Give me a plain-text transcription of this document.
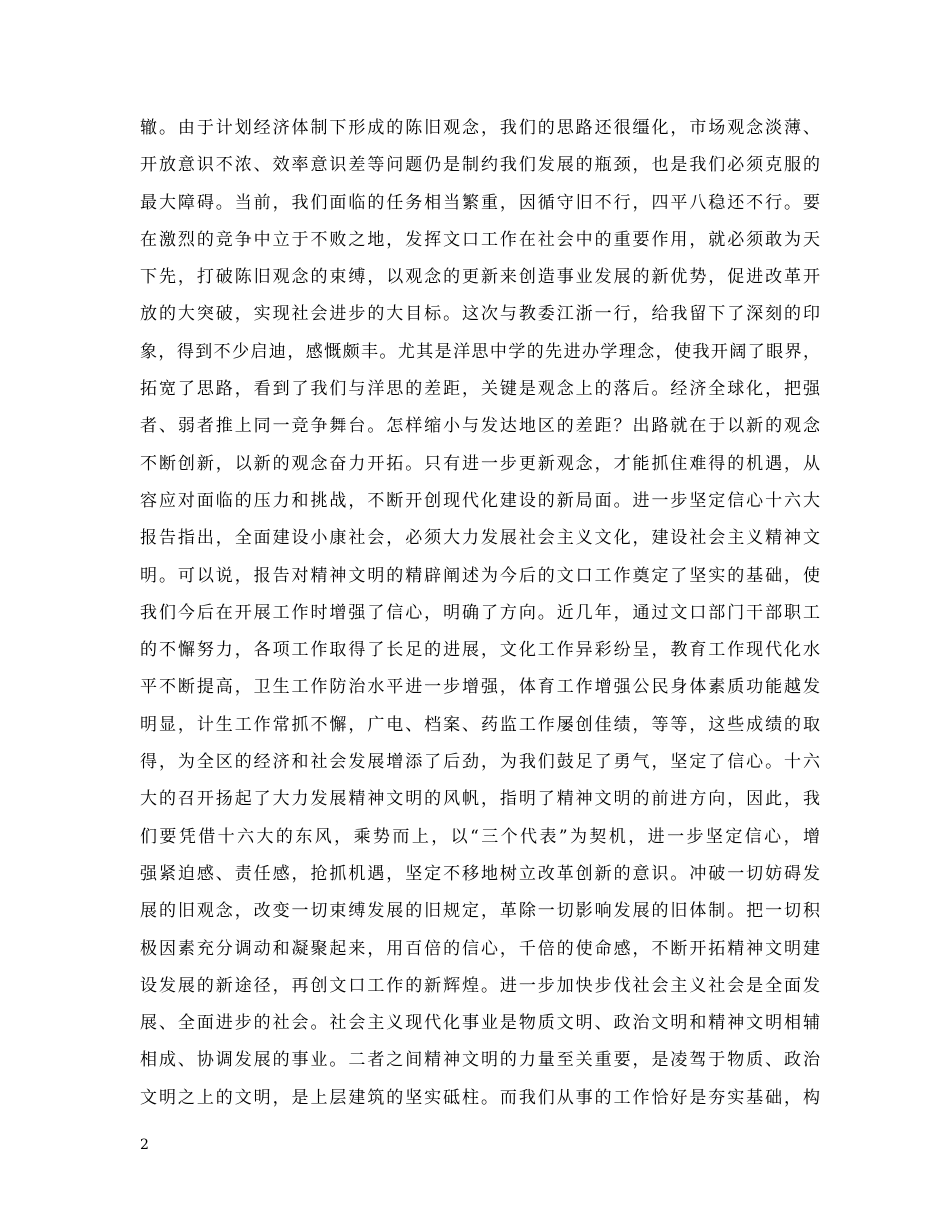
辙。由于计划经济体制下形成的陈旧观念，我们的思路还很缰化，市场观念淡薄、
开放意识不浓、效率意识差等问题仍是制约我们发展的瓶颈，也是我们必须克服的
最大障碍。当前，我们面临的任务相当繁重，因循守旧不行，四平八稳还不行。要
在激烈的竞争中立于不败之地，发挥文口工作在社会中的重要作用，就必须敢为天
下先，打破陈旧观念的束缚，以观念的更新来创造事业发展的新优势，促进改革开
放的大突破，实现社会进步的大目标。这次与教委江浙一行，给我留下了深刻的印
象，得到不少启迪，感慨颇丰。尤其是洋思中学的先进办学理念，使我开阔了眼界，
拓宽了思路，看到了我们与洋思的差距，关键是观念上的落后。经济全球化，把强
者、弱者推上同一竞争舞台。怎样缩小与发达地区的差距？出路就在于以新的观念
不断创新，以新的观念奋力开拓。只有进一步更新观念，才能抓住难得的机遇，从
容应对面临的压力和挑战，不断开创现代化建设的新局面。进一步坚定信心十六大
报告指出，全面建设小康社会，必须大力发展社会主义文化，建设社会主义精神文
明。可以说，报告对精神文明的精辟阐述为今后的文口工作奠定了坚实的基础，使
我们今后在开展工作时增强了信心，明确了方向。近几年，通过文口部门干部职工
的不懈努力，各项工作取得了长足的进展，文化工作异彩纷呈，教育工作现代化水
平不断提高，卫生工作防治水平进一步增强，体育工作增强公民身体素质功能越发
明显，计生工作常抓不懈，广电、档案、药监工作屡创佳绩，等等，这些成绩的取
得，为全区的经济和社会发展增添了后劲，为我们鼓足了勇气，坚定了信心。十六
大的召开扬起了大力发展精神文明的风帆，指明了精神文明的前进方向，因此，我
们要凭借十六大的东风，乘势而上，以“三个代表”为契机，进一步坚定信心，增
强紧迫感、责任感，抢抓机遇，坚定不移地树立改革创新的意识。冲破一切妨碍发
展的旧观念，改变一切束缚发展的旧规定，革除一切影响发展的旧体制。把一切积
极因素充分调动和凝聚起来，用百倍的信心，千倍的使命感，不断开拓精神文明建
设发展的新途径，再创文口工作的新辉煌。进一步加快步伐社会主义社会是全面发
展、全面进步的社会。社会主义现代化事业是物质文明、政治文明和精神文明相辅
相成、协调发展的事业。二者之间精神文明的力量至关重要，是凌驾于物质、政治
文明之上的文明，是上层建筑的坚实砥柱。而我们从事的工作恰好是夯实基础，构
2
